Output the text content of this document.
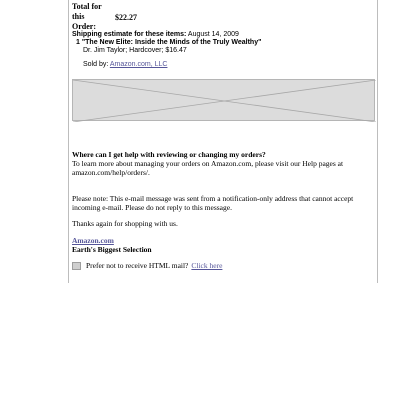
Total for this Order:
$22.27
Shipping estimate for these items: August 14, 2009
1 "The New Elite: Inside the Minds of the Truly Wealthy"
Dr. Jim Taylor; Hardcover; $16.47
Sold by: Amazon.com, LLC
Where can I get help with reviewing or changing my orders?
To learn more about managing your orders on Amazon.com, please visit our Help pages at amazon.com/help/orders/.
Please note: This e-mail message was sent from a notification-only address that cannot accept incoming e-mail. Please do not reply to this message.
Thanks again for shopping with us.
Amazon.com
Earth's Biggest Selection
Prefer not to receive HTML mail? Click here
